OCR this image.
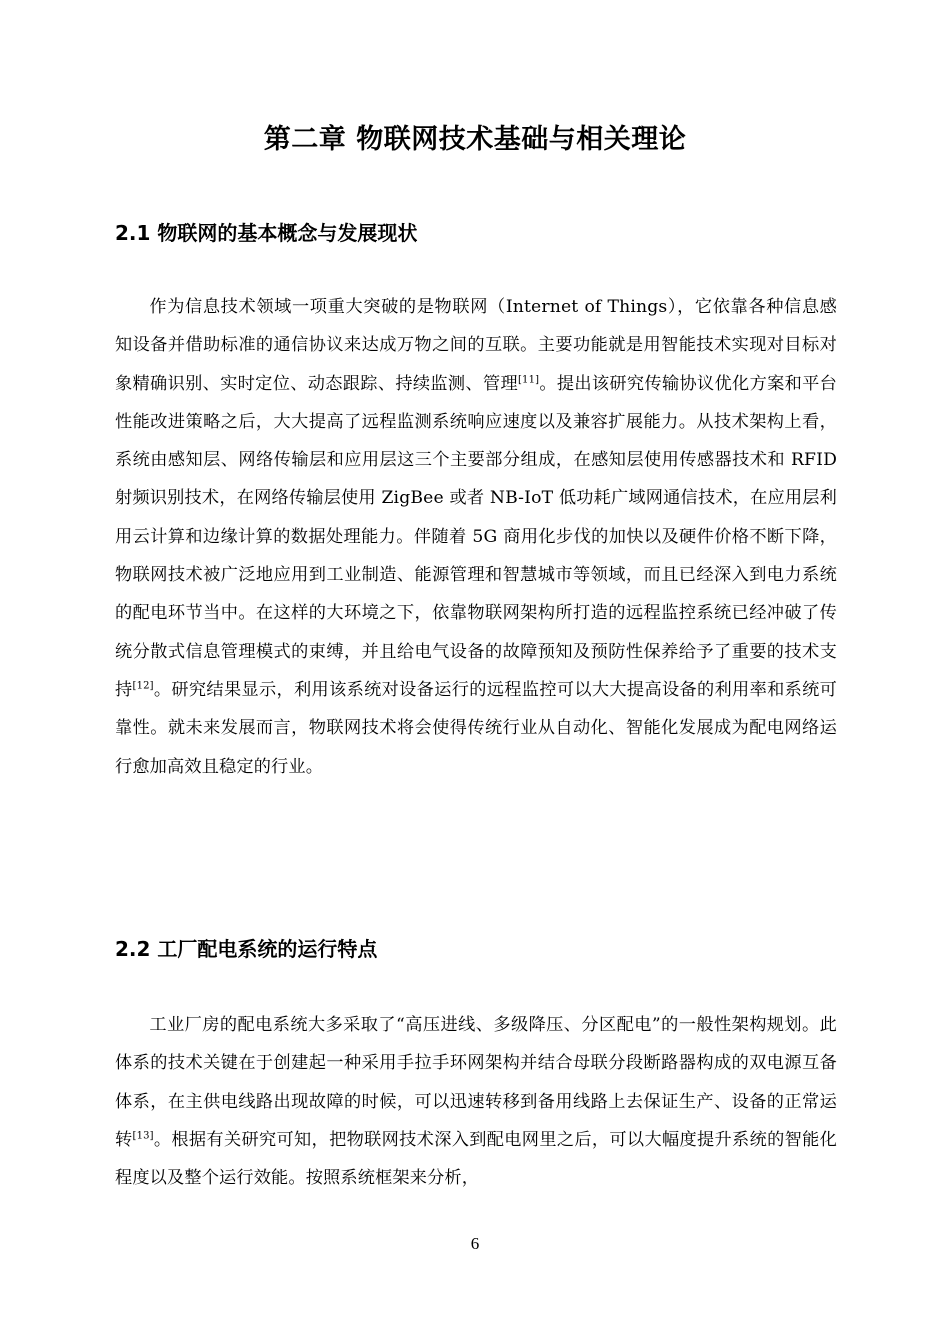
第二章 物联网技术基础与相关理论
2.1 物联网的基本概念与发展现状

作为信息技术领域一项重大突破的是物联网（Internet of Things），它依靠各种信息感知设备并借助标准的通信协议来达成万物之间的互联。主要功能就是用智能技术实现对目标对象精确识别、实时定位、动态跟踪、持续监测、管理[11]。提出该研究传输协议优化方案和平台性能改进策略之后，大大提高了远程监测系统响应速度以及兼容扩展能力。从技术架构上看，系统由感知层、网络传输层和应用层这三个主要部分组成，在感知层使用传感器技术和 RFID 射频识别技术，在网络传输层使用 ZigBee 或者 NB-IoT 低功耗广域网通信技术，在应用层利用云计算和边缘计算的数据处理能力。伴随着 5G 商用化步伐的加快以及硬件价格不断下降，物联网技术被广泛地应用到工业制造、能源管理和智慧城市等领域，而且已经深入到电力系统的配电环节当中。在这样的大环境之下，依靠物联网架构所打造的远程监控系统已经冲破了传统分散式信息管理模式的束缚，并且给电气设备的故障预知及预防性保养给予了重要的技术支持[12]。研究结果显示，利用该系统对设备运行的远程监控可以大大提高设备的利用率和系统可靠性。就未来发展而言，物联网技术将会使得传统行业从自动化、智能化发展成为配电网络运行愈加高效且稳定的行业。

2.2 工厂配电系统的运行特点

工业厂房的配电系统大多采取了“高压进线、多级降压、分区配电”的一般性架构规划。此体系的技术关键在于创建起一种采用手拉手环网架构并结合母联分段断路器构成的双电源互备体系，在主供电线路出现故障的时候，可以迅速转移到备用线路上去保证生产、设备的正常运转[13]。根据有关研究可知，把物联网技术深入到配电网里之后，可以大幅度提升系统的智能化程度以及整个运行效能。按照系统框架来分析，

6
